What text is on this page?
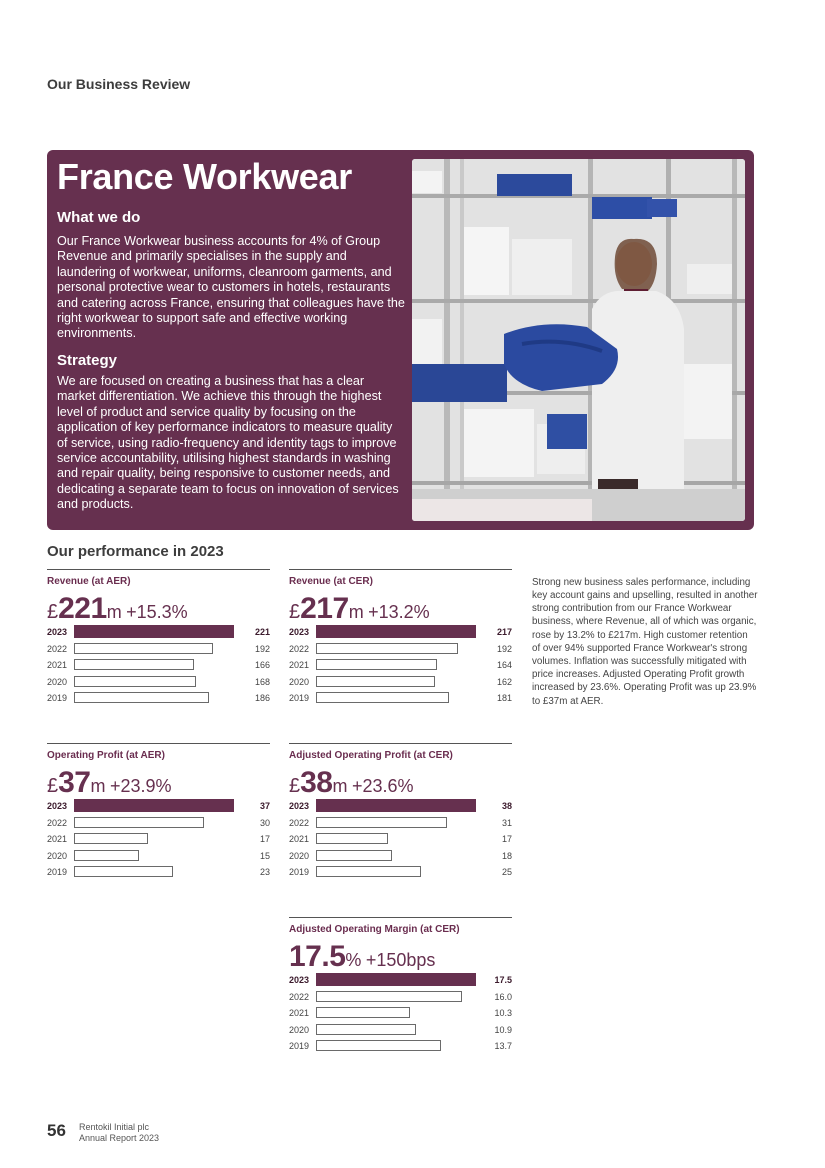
Our Business Review
France Workwear
What we do

Our France Workwear business accounts for 4% of Group Revenue and primarily specialises in the supply and laundering of workwear, uniforms, cleanroom garments, and personal protective wear to customers in hotels, restaurants and catering across France, ensuring that colleagues have the right workwear to support safe and effective working environments.

Strategy

We are focused on creating a business that has a clear market differentiation. We achieve this through the highest level of product and service quality by focusing on the application of key performance indicators to measure quality of service, using radio-frequency and identity tags to improve service accountability, utilising highest standards in washing and repair quality, being responsive to customer needs, and dedicating a separate team to focus on innovation of services and products.

Our performance in 2023
Revenue (at AER)
£221m +15.3%
2023	221
2022	192
2021	166
2020	168
2019	186
Revenue (at CER)
£217m +13.2%
2023	217
2022	192
2021	164
2020	162
2019	181
Operating Profit (at AER)
£37m +23.9%
2023	37
2022	30
2021	17
2020	15
2019	23
Adjusted Operating Profit (at CER)
£38m +23.6%
2023	38
2022	31
2021	17
2020	18
2019	25
Adjusted Operating Margin (at CER)
17.5% +150bps
2023	17.5
2022	16.0
2021	10.3
2020	10.9
2019	13.7

Strong new business sales performance, including key account gains and upselling, resulted in another strong contribution from our France Workwear business, where Revenue, all of which was organic, rose by 13.2% to £217m. High customer retention of over 94% supported France Workwear's strong volumes. Inflation was successfully mitigated with price increases. Adjusted Operating Profit growth increased by 23.6%. Operating Profit was up 23.9% to £37m at AER.

56 Rentokil Initial plc
Annual Report 2023
